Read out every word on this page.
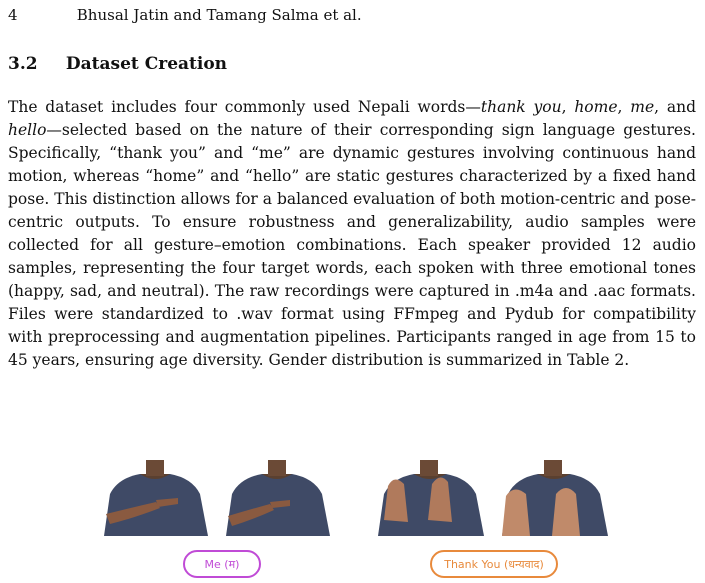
4	Bhusal Jatin and Tamang Salma et al.
3.2 Dataset Creation
The dataset includes four commonly used Nepali words—thank you, home, me, and hello—selected based on the nature of their corresponding sign language gestures. Specifically, “thank you” and “me” are dynamic gestures involving continuous hand motion, whereas “home” and “hello” are static gestures characterized by a fixed hand pose. This distinction allows for a balanced evaluation of both motion-centric and pose-centric outputs. To ensure robustness and generalizability, audio samples were collected for all gesture–emotion combinations. Each speaker provided 12 audio samples, representing the four target words, each spoken with three emotional tones (happy, sad, and neutral). The raw recordings were captured in .m4a and .aac formats. Files were standardized to .wav format using FFmpeg and Pydub for compatibility with preprocessing and augmentation pipelines. Participants ranged in age from 15 to 45 years, ensuring age diversity. Gender distribution is summarized in Table 2.
Me (म)	Thank You (धन्यवाद)
